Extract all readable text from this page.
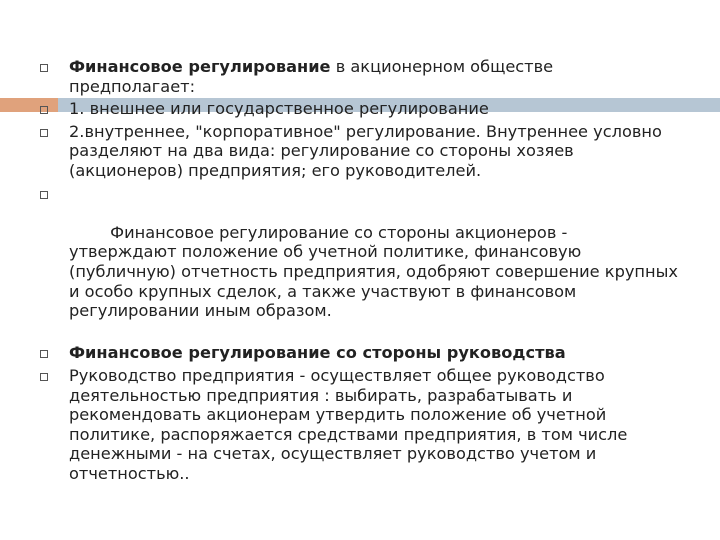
Финансовое регулирование в акционерном обществе предполагает:
1. внешнее или государственное регулирование
2.внутреннее, "корпоративное" регулирование. Внутреннее условно разделяют на два вида: регулирование со стороны хозяев (акционеров) предприятия; его руководителей.

Финансовое регулирование со стороны акционеров - утверждают положение об учетной политике, финансовую (публичную) отчетность предприятия, одобряют совершение крупных и особо крупных сделок, а также участвуют в финансовом регулировании иным образом.

Финансовое регулирование со стороны руководства
Руководство предприятия - осуществляет общее руководство деятельностью предприятия : выбирать, разрабатывать и рекомендовать акционерам утвердить положение об учетной политике, распоряжается средствами предприятия, в том числе денежными - на счетах, осуществляет руководство учетом и отчетностью..
